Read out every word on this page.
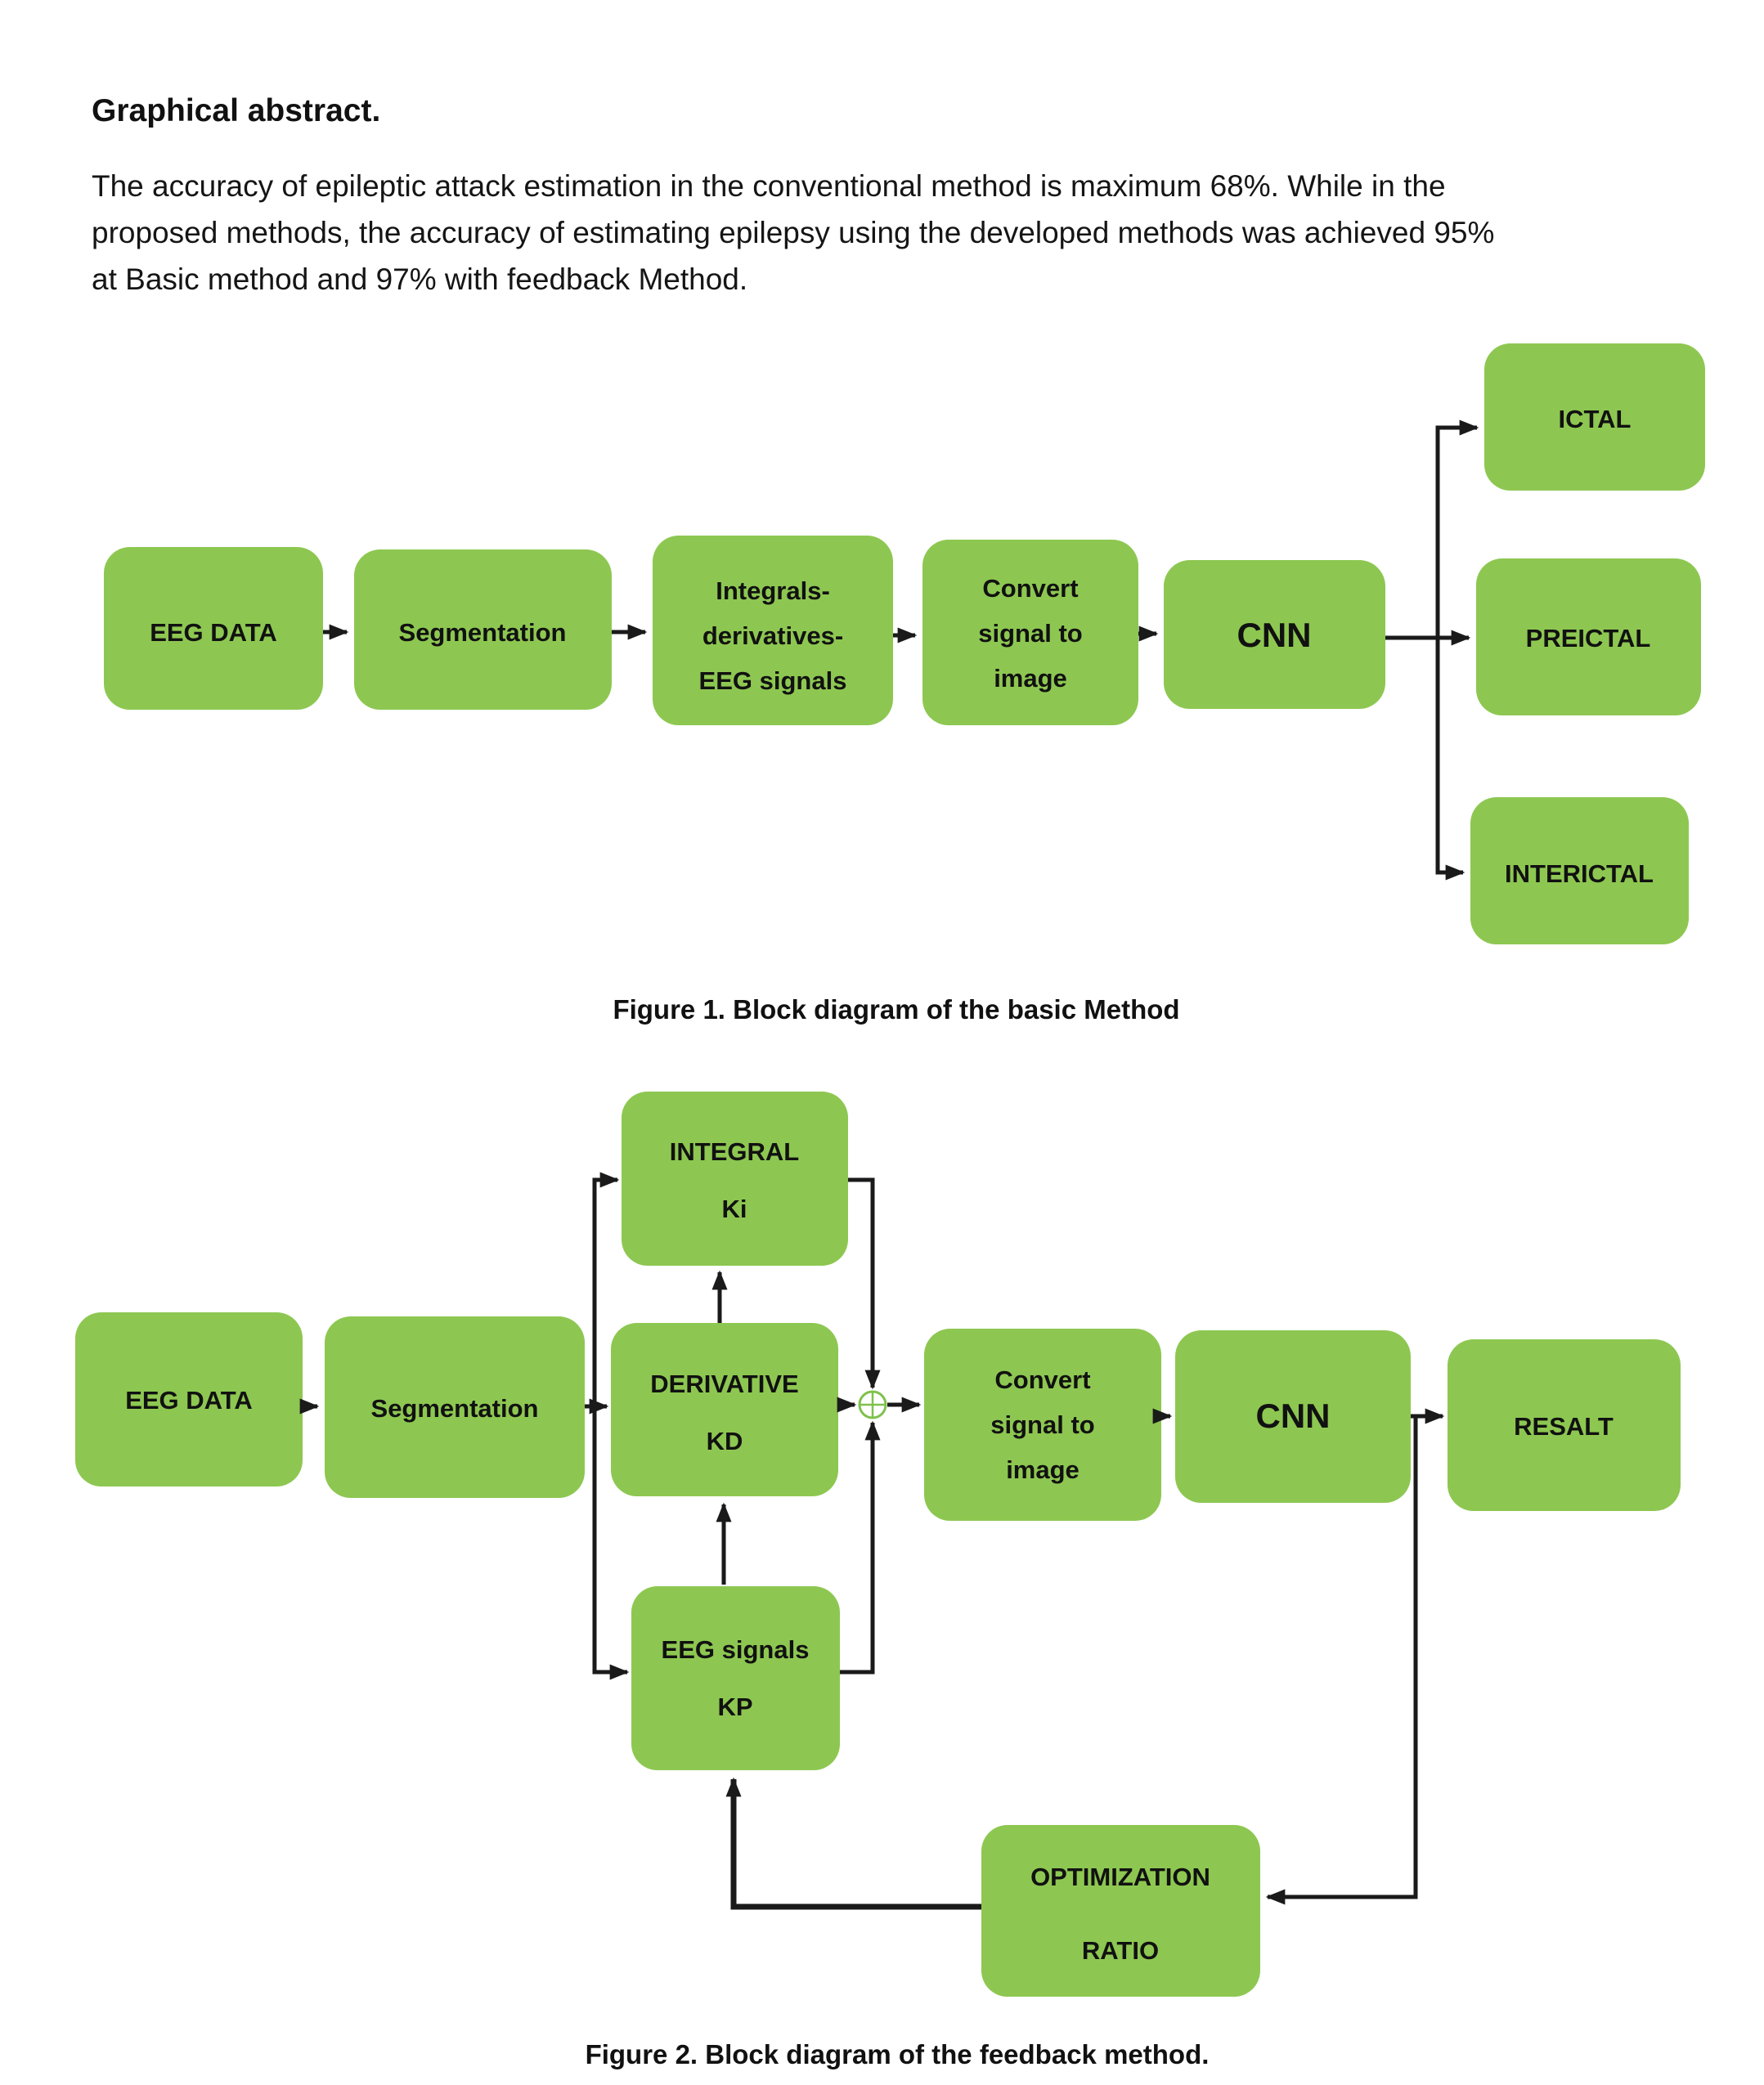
Graphical abstract.
The accuracy of epileptic attack estimation in the conventional method is maximum 68%. While in the
proposed methods, the accuracy of estimating epilepsy using the developed methods was achieved 95%
at Basic method and 97% with feedback Method.
EEG DATA	Segmentation
Integrals-
derivatives-
EEG signals
Convert
signal to
image
CNN
ICTAL
PREICTAL
INTERICTAL
Figure 1. Block diagram of the basic Method
EEG DATA	Segmentation
INTEGRAL
Ki
DERIVATIVE
KD
EEG signals
KP
Convert
signal to
image
CNN	RESALT
OPTIMIZATION
RATIO
Figure 2. Block diagram of the feedback method.
